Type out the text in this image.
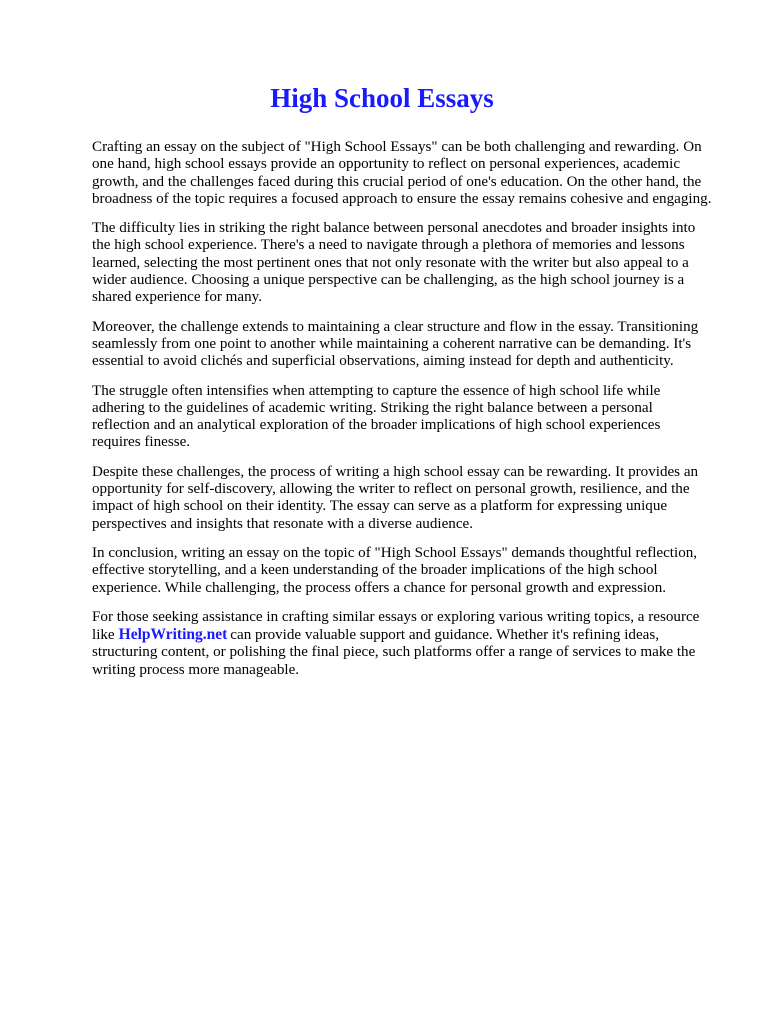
High School Essays

Crafting an essay on the subject of "High School Essays" can be both challenging and rewarding. On one hand, high school essays provide an opportunity to reflect on personal experiences, academic growth, and the challenges faced during this crucial period of one's education. On the other hand, the broadness of the topic requires a focused approach to ensure the essay remains cohesive and engaging.

The difficulty lies in striking the right balance between personal anecdotes and broader insights into the high school experience. There's a need to navigate through a plethora of memories and lessons learned, selecting the most pertinent ones that not only resonate with the writer but also appeal to a wider audience. Choosing a unique perspective can be challenging, as the high school journey is a shared experience for many.

Moreover, the challenge extends to maintaining a clear structure and flow in the essay. Transitioning seamlessly from one point to another while maintaining a coherent narrative can be demanding. It's essential to avoid clichés and superficial observations, aiming instead for depth and authenticity.

The struggle often intensifies when attempting to capture the essence of high school life while adhering to the guidelines of academic writing. Striking the right balance between a personal reflection and an analytical exploration of the broader implications of high school experiences requires finesse.

Despite these challenges, the process of writing a high school essay can be rewarding. It provides an opportunity for self-discovery, allowing the writer to reflect on personal growth, resilience, and the impact of high school on their identity. The essay can serve as a platform for expressing unique perspectives and insights that resonate with a diverse audience.

In conclusion, writing an essay on the topic of "High School Essays" demands thoughtful reflection, effective storytelling, and a keen understanding of the broader implications of the high school experience. While challenging, the process offers a chance for personal growth and expression.

For those seeking assistance in crafting similar essays or exploring various writing topics, a resource like HelpWriting.net can provide valuable support and guidance. Whether it's refining ideas, structuring content, or polishing the final piece, such platforms offer a range of services to make the writing process more manageable.
